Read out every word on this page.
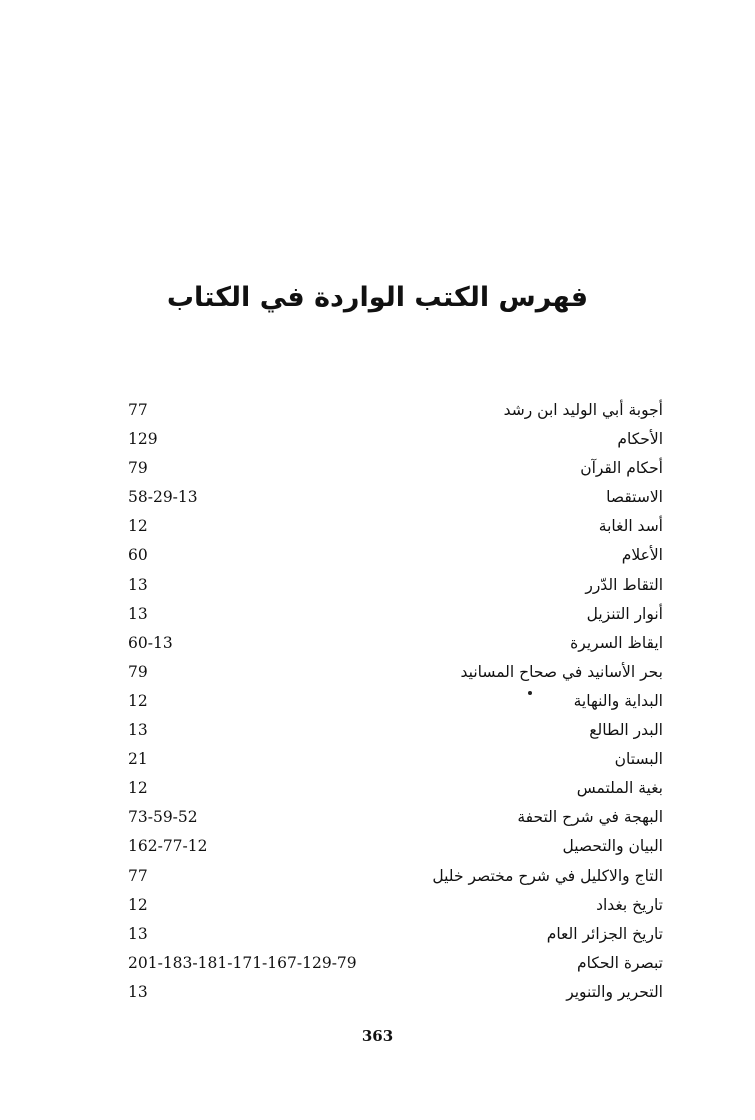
فهرس الكتب الواردة في الكتاب
77	أجوبة أبي الوليد ابن رشد
129	الأحكام
79	أحكام القرآن
58-29-13	الاستقصا
12	أسد الغابة
60	الأعلام
13	التقاط الدّرر
13	أنوار التنزيل
60-13	ايقاظ السريرة
79	بحر الأسانيد في صحاح المسانيد
12	البداية والنهاية
13	البدر الطالع
21	البستان
12	بغية الملتمس
73-59-52	البهجة في شرح التحفة
162-77-12	البيان والتحصيل
77	التاج والاكليل في شرح مختصر خليل
12	تاريخ بغداد
13	تاريخ الجزائر العام
201-183-181-171-167-129-79	تبصرة الحكام
13	التحرير والتنوير
363
